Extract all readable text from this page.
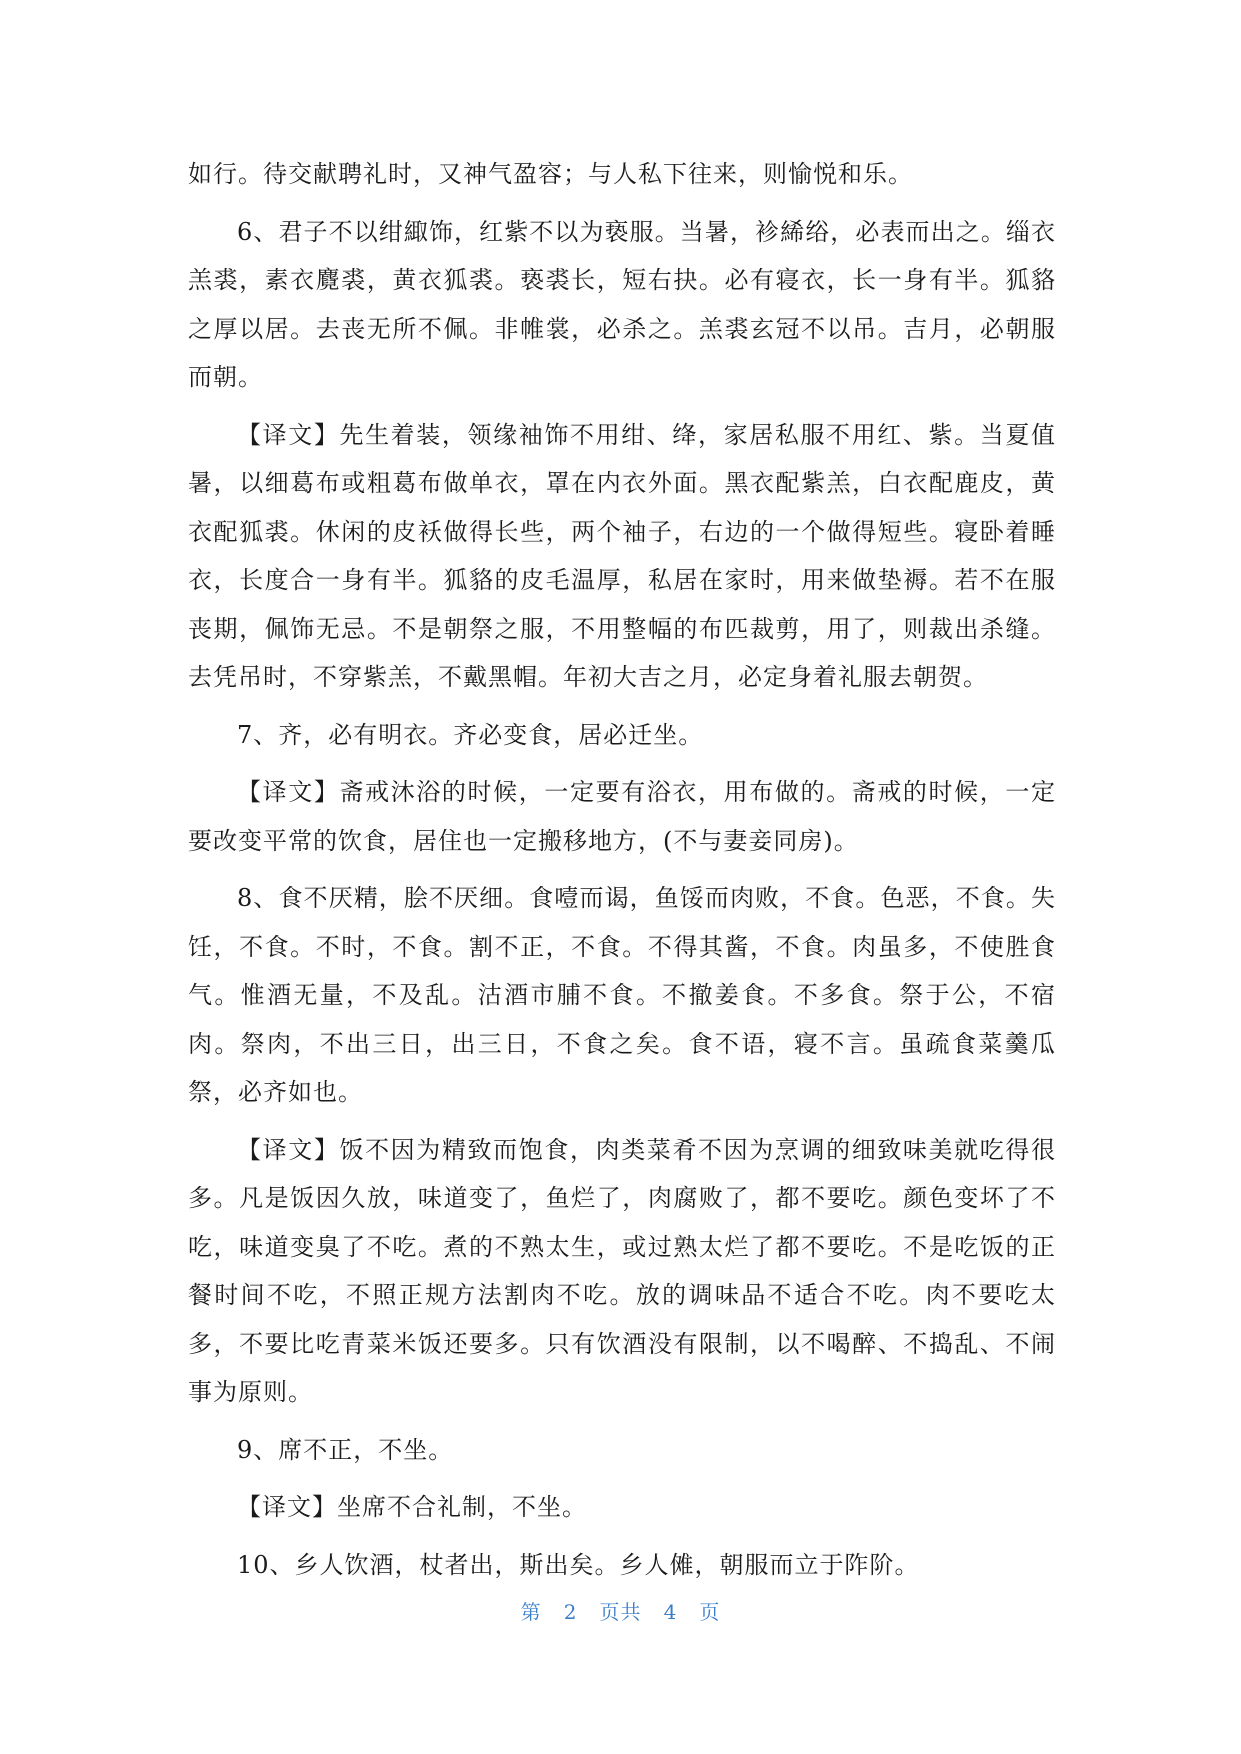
如行。待交献聘礼时，又神气盈容；与人私下往来，则愉悦和乐。

6、君子不以绀緅饰，红紫不以为亵服。当暑，袗絺绤，必表而出之。缁衣羔裘，素衣麑裘，黄衣狐裘。亵裘长，短右抉。必有寝衣，长一身有半。狐貉之厚以居。去丧无所不佩。非帷裳，必杀之。羔裘玄冠不以吊。吉月，必朝服而朝。

【译文】先生着装，领缘袖饰不用绀、绛，家居私服不用红、紫。当夏值暑，以细葛布或粗葛布做单衣，罩在内衣外面。黑衣配紫羔，白衣配鹿皮，黄衣配狐裘。休闲的皮袄做得长些，两个袖子，右边的一个做得短些。寝卧着睡衣，长度合一身有半。狐貉的皮毛温厚，私居在家时，用来做垫褥。若不在服丧期，佩饰无忌。不是朝祭之服，不用整幅的布匹裁剪，用了，则裁出杀缝。去凭吊时，不穿紫羔，不戴黑帽。年初大吉之月，必定身着礼服去朝贺。

7、齐，必有明衣。齐必变食，居必迁坐。

【译文】斋戒沐浴的时候，一定要有浴衣，用布做的。斋戒的时候，一定要改变平常的饮食，居住也一定搬移地方，(不与妻妾同房)。

8、食不厌精，脍不厌细。食噎而谒，鱼馁而肉败，不食。色恶，不食。失饪，不食。不时，不食。割不正，不食。不得其酱，不食。肉虽多，不使胜食气。惟酒无量，不及乱。沽酒市脯不食。不撤姜食。不多食。祭于公，不宿肉。祭肉，不出三日，出三日，不食之矣。食不语，寝不言。虽疏食菜羹瓜祭，必齐如也。

【译文】饭不因为精致而饱食，肉类菜肴不因为烹调的细致味美就吃得很多。凡是饭因久放，味道变了，鱼烂了，肉腐败了，都不要吃。颜色变坏了不吃，味道变臭了不吃。煮的不熟太生，或过熟太烂了都不要吃。不是吃饭的正餐时间不吃，不照正规方法割肉不吃。放的调味品不适合不吃。肉不要吃太多，不要比吃青菜米饭还要多。只有饮酒没有限制，以不喝醉、不捣乱、不闹事为原则。

9、席不正，不坐。

【译文】坐席不合礼制，不坐。

10、乡人饮酒，杖者出，斯出矣。乡人傩，朝服而立于阼阶。

第 2 页共 4 页
